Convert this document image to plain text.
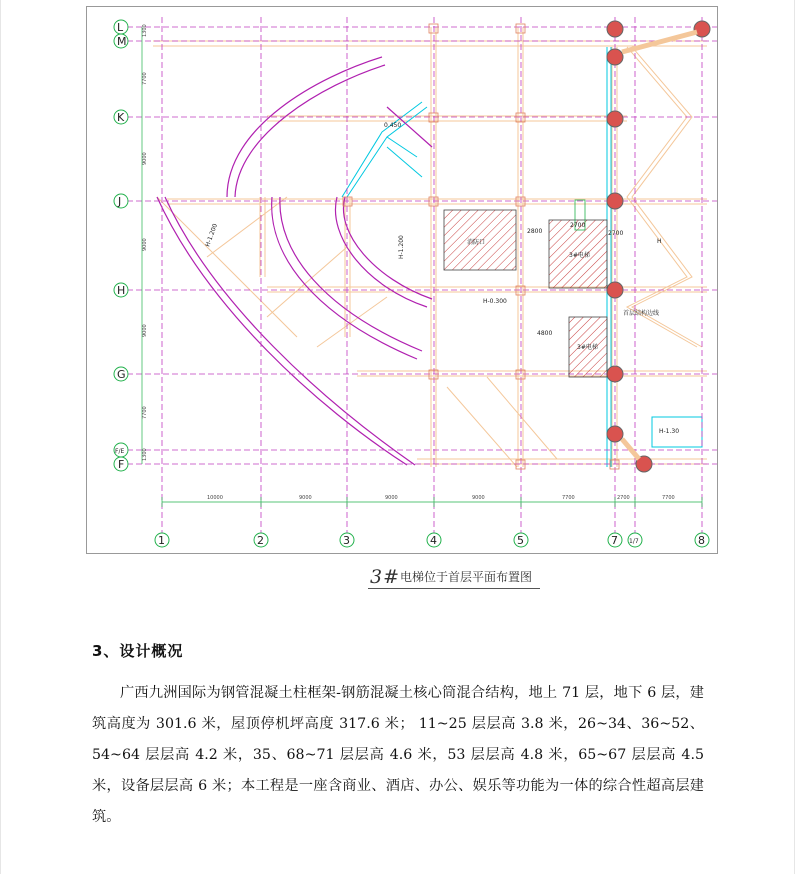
10000	9000	9000	9000	7700	2700	7700
1300
7700
9000
9000
9000
7700
1300
0.450
H-1.200	H-1.200
H-0.300
H
H-1.30
消防口
3#电梯
3#电梯
首层结构边线
2800
4800
2700
2700
L
M
K
J
H
G
F/E
F
1	2	3	4	5	7 1/7	8
3#电梯位于首层平面布置图
3、设计概况

广西九洲国际为钢管混凝土柱框架-钢筋混凝土核心筒混合结构，地上 71 层，地下 6 层，建筑高度为 301.6 米，屋顶停机坪高度 317.6 米； 11~25 层层高 3.8 米，26~34、36~52、54~64 层层高 4.2 米，35、68~71 层层高 4.6 米，53 层层高 4.8 米，65~67 层层高 4.5 米，设备层层高 6 米；本工程是一座含商业、酒店、办公、娱乐等功能为一体的综合性超高层建筑。
